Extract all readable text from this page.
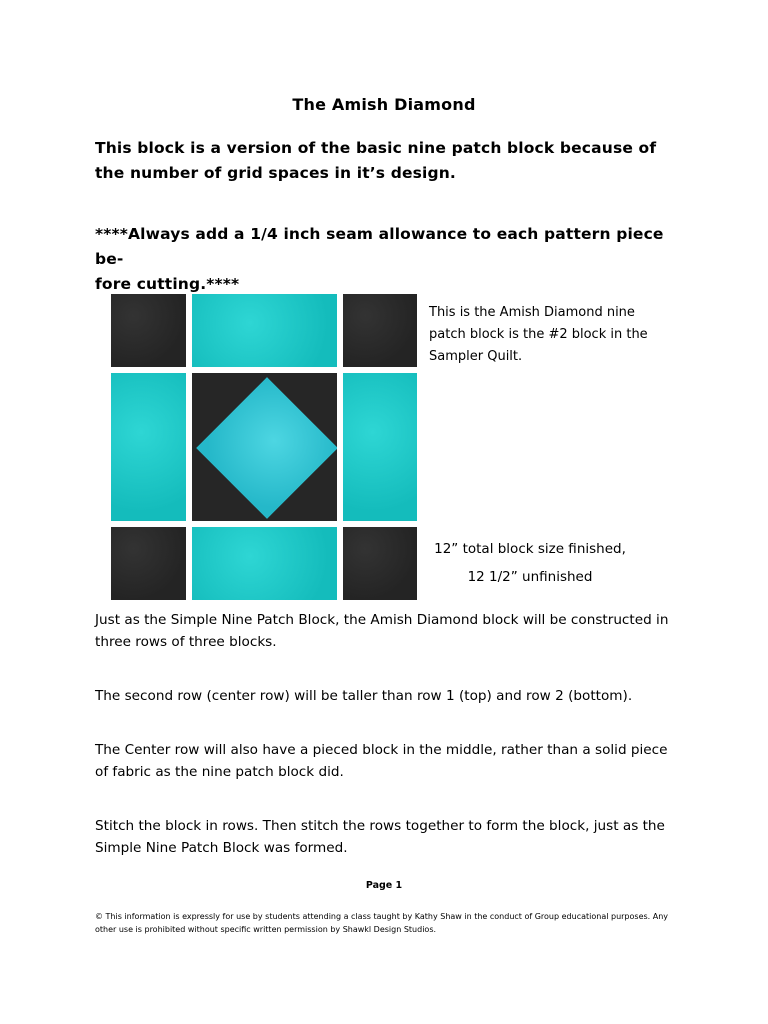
The Amish Diamond
This block is a version of the basic nine patch block because of the number of grid spaces in it’s design.
****Always add a 1/4 inch seam allowance to each pattern piece be-
fore cutting.****
This is the Amish Diamond nine patch block is the #2 block in the Sampler Quilt.
12” total block size finished,
12 1/2” unfinished
Just as the Simple Nine Patch Block, the Amish Diamond block will be constructed in three rows of three blocks.
The second row (center row) will be taller than row 1 (top) and row 2 (bottom).
The Center row will also have a pieced block in the middle, rather than a solid piece of fabric as the nine patch block did.
Stitch the block in rows. Then stitch the rows together to form the block, just as the Simple Nine Patch Block was formed.
Page 1
© This information is expressly for use by students attending a class taught by Kathy Shaw in the conduct of Group educational purposes. Any other use is prohibited without specific written permission by Shawkl Design Studios.
